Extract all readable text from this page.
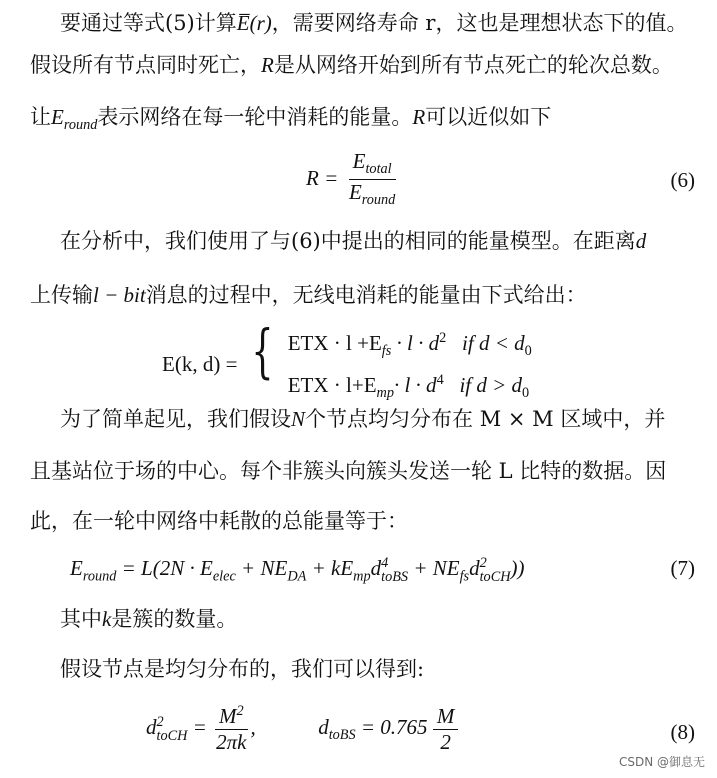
要通过等式(5)计算E̅(r)，需要网络寿命 r，这也是理想状态下的值。
假设所有节点同时死亡，R是从网络开始到所有节点死亡的轮次总数。
让$E_{round}$表示网络在每一轮中消耗的能量。R可以近似如下
$R = \frac{E_{total}}{E_{round}}$	(6)
在分析中，我们使用了与(6)中提出的相同的能量模型。在距离d
上传输l − bit消息的过程中，无线电消耗的能量由下式给出：
E(k, d) = { ETX · $l +E_{fs} \cdot l \cdot d^2$ if $d < d_0$
ETX · $l+E_{mp}\cdot l \cdot d^4$ if $d > d_0$
为了简单起见，我们假设N个节点均匀分布在 M × M 区域中，并
且基站位于场的中心。每个非簇头向簇头发送一轮 L 比特的数据。因
此，在一轮中网络中耗散的总能量等于：
$E_{round} = L(2N \cdot E_{elec} + NE_{DA} + kE_{mp}d$ 4
toBS + $NE_{fs}d$ 2
toCH ))	(7)
其中k是簇的数量。
假设节点是均匀分布的，我们可以得到:
d 2
toCH = $\frac{M^2}{2\pi k}$ ,	$d_{toBS} = 0.765 \frac{M}{2}$	(8)
CSDN @御息无
